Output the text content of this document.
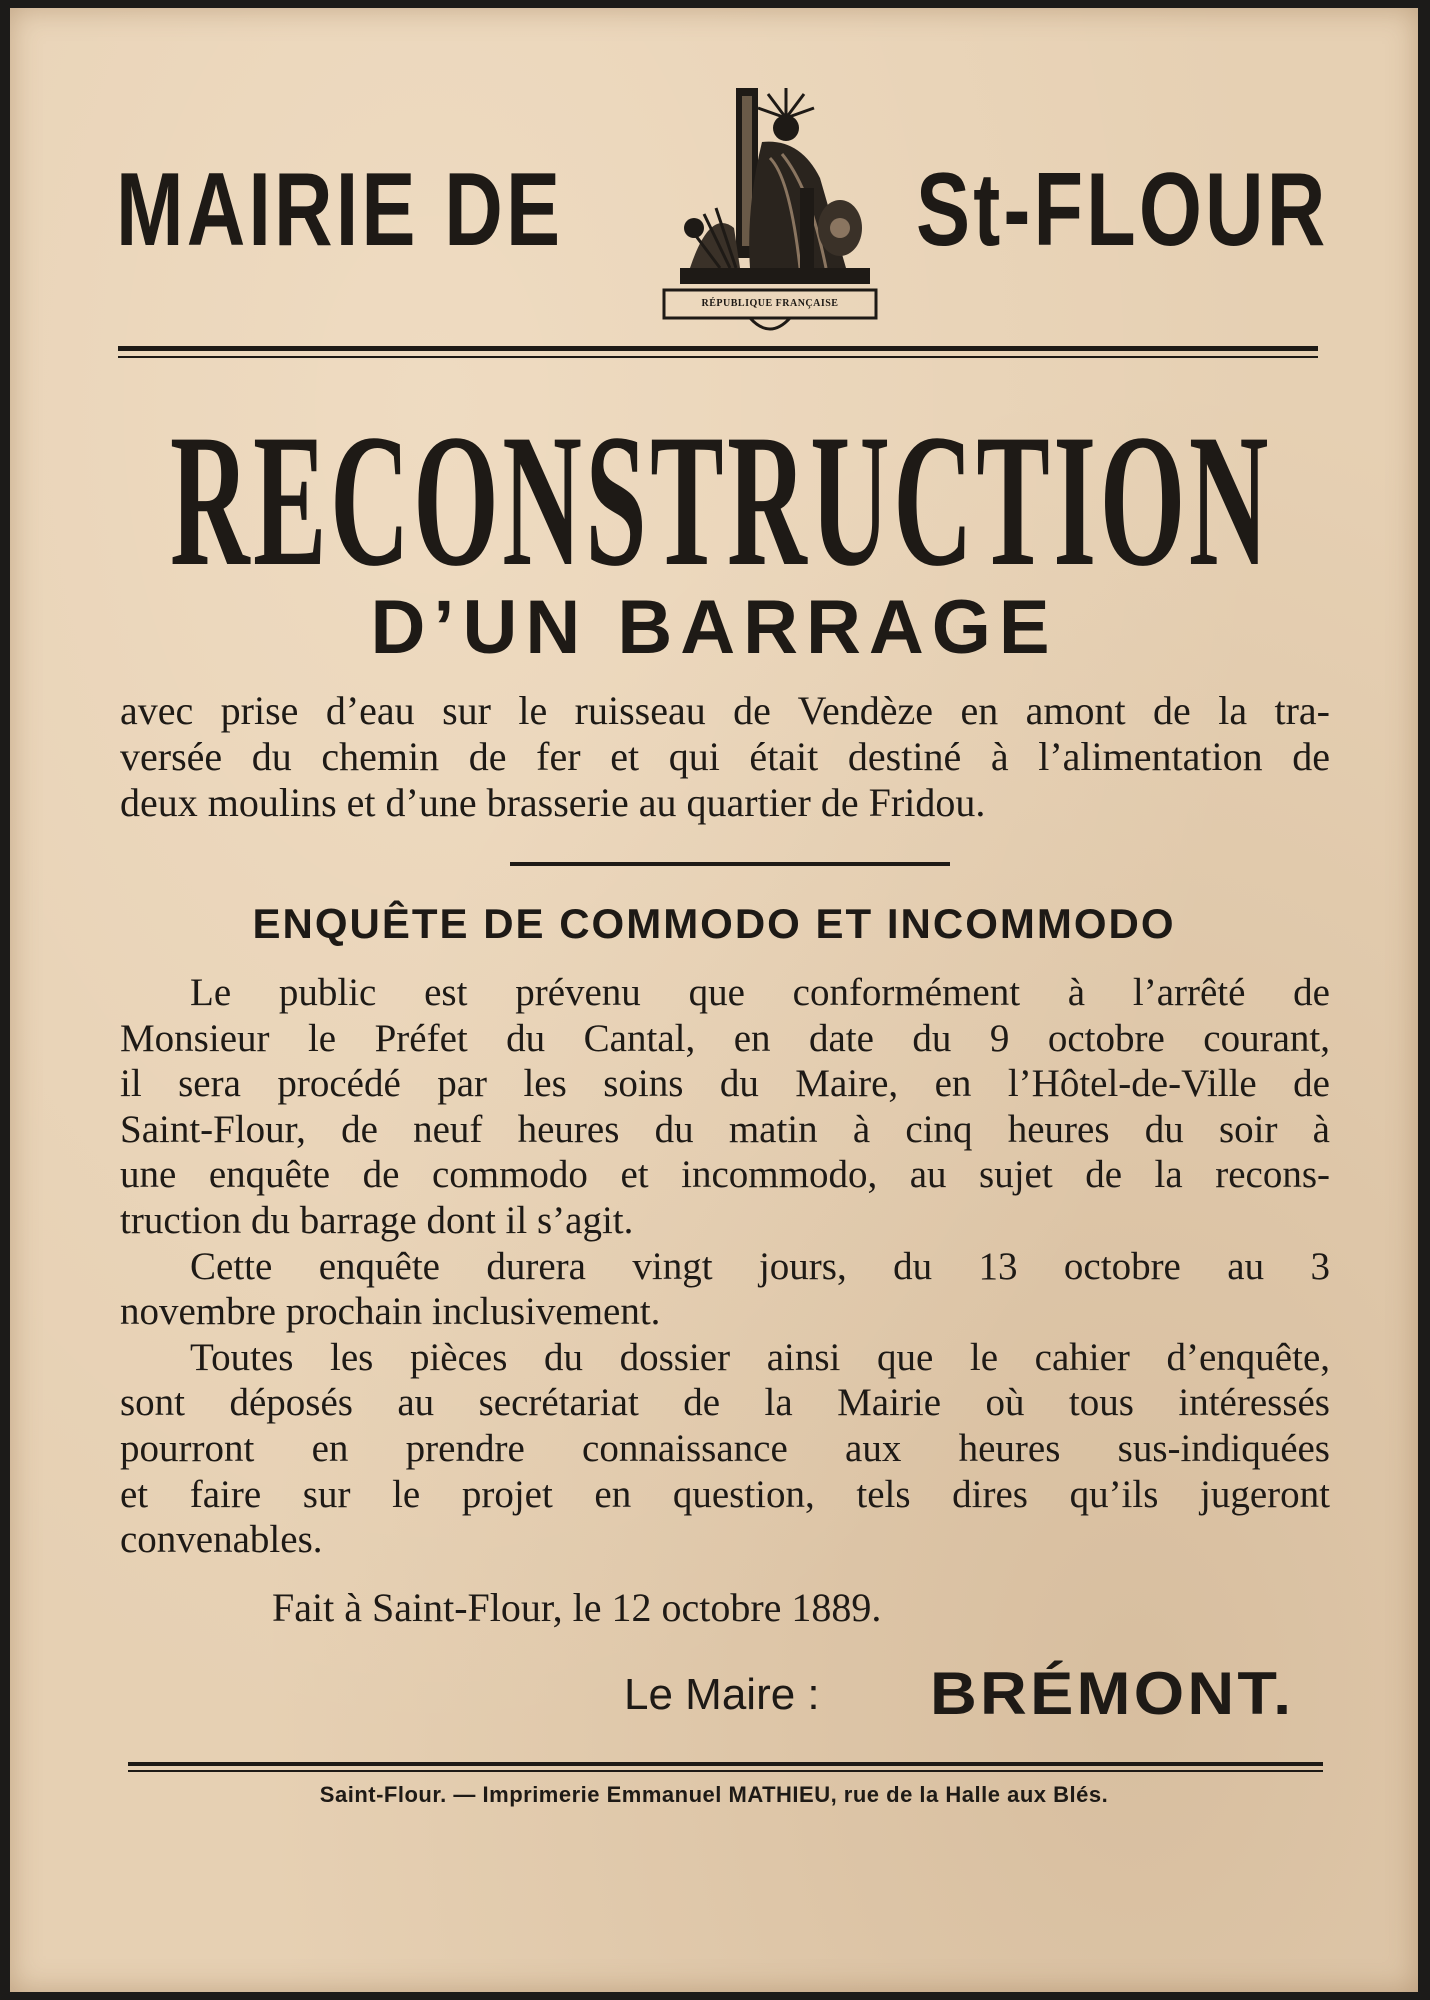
MAIRIE DE	St-FLOUR
RÉPUBLIQUE FRANÇAISE
RECONSTRUCTION
D’UN BARRAGE
avec prise d’eau sur le ruisseau de Vendèze en amont de la tra-
versée du chemin de fer et qui était destiné à l’alimentation de
deux moulins et d’une brasserie au quartier de Fridou.
ENQUÊTE DE COMMODO ET INCOMMODO
Le public est prévenu que conformément à l’arrêté de
Monsieur le Préfet du Cantal, en date du 9 octobre courant,
il sera procédé par les soins du Maire, en l’Hôtel-de-Ville de
Saint-Flour, de neuf heures du matin à cinq heures du soir à
une enquête de commodo et incommodo, au sujet de la recons-
truction du barrage dont il s’agit.
Cette enquête durera vingt jours, du 13 octobre au 3
novembre prochain inclusivement.
Toutes les pièces du dossier ainsi que le cahier d’enquête,
sont déposés au secrétariat de la Mairie où tous intéressés
pourront en prendre connaissance aux heures sus-indiquées
et faire sur le projet en question, tels dires qu’ils jugeront
convenables.
Fait à Saint-Flour, le 12 octobre 1889.
Le Maire : BRÉMONT.
Saint-Flour. — Imprimerie Emmanuel MATHIEU, rue de la Halle aux Blés.
